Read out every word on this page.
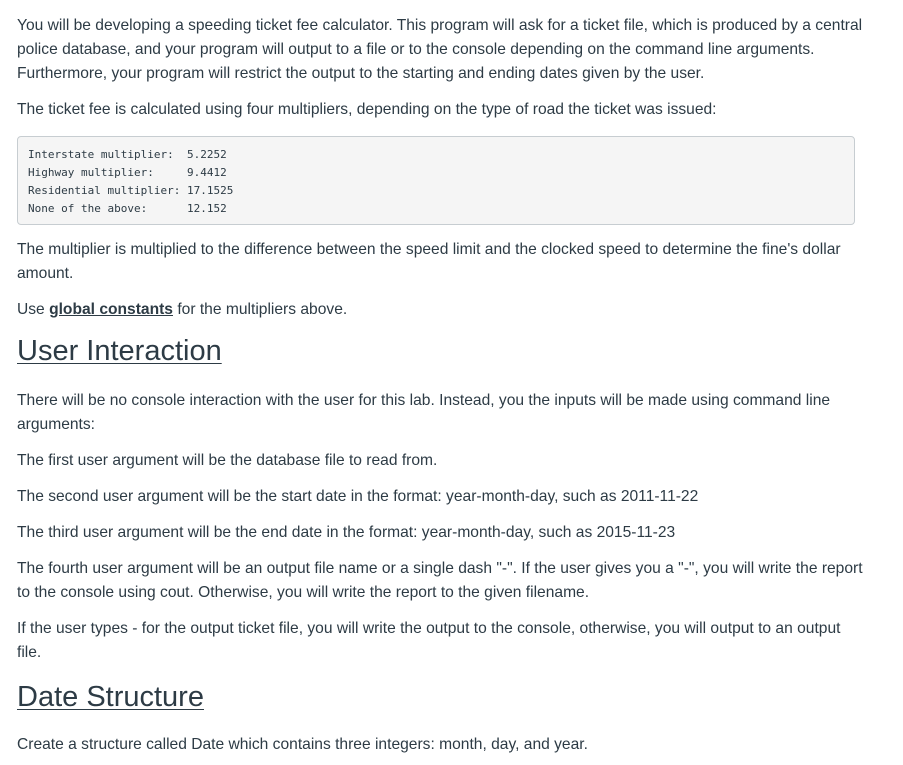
You will be developing a speeding ticket fee calculator. This program will ask for a ticket file, which is produced by a central police database, and your program will output to a file or to the console depending on the command line arguments. Furthermore, your program will restrict the output to the starting and ending dates given by the user.

The ticket fee is calculated using four multipliers, depending on the type of road the ticket was issued:

Interstate multiplier: 5.2252
Highway multiplier:	9.4412
Residential multiplier: 17.1525
None of the above:	12.152

The multiplier is multiplied to the difference between the speed limit and the clocked speed to determine the fine's dollar amount.

Use global constants for the multipliers above.

User Interaction

There will be no console interaction with the user for this lab. Instead, you the inputs will be made using command line arguments:

The first user argument will be the database file to read from.

The second user argument will be the start date in the format: year-month-day, such as 2011-11-22

The third user argument will be the end date in the format: year-month-day, such as 2015-11-23

The fourth user argument will be an output file name or a single dash "-". If the user gives you a "-", you will write the report to the console using cout. Otherwise, you will write the report to the given filename.

If the user types - for the output ticket file, you will write the output to the console, otherwise, you will output to an output file.

Date Structure

Create a structure called Date which contains three integers: month, day, and year.
